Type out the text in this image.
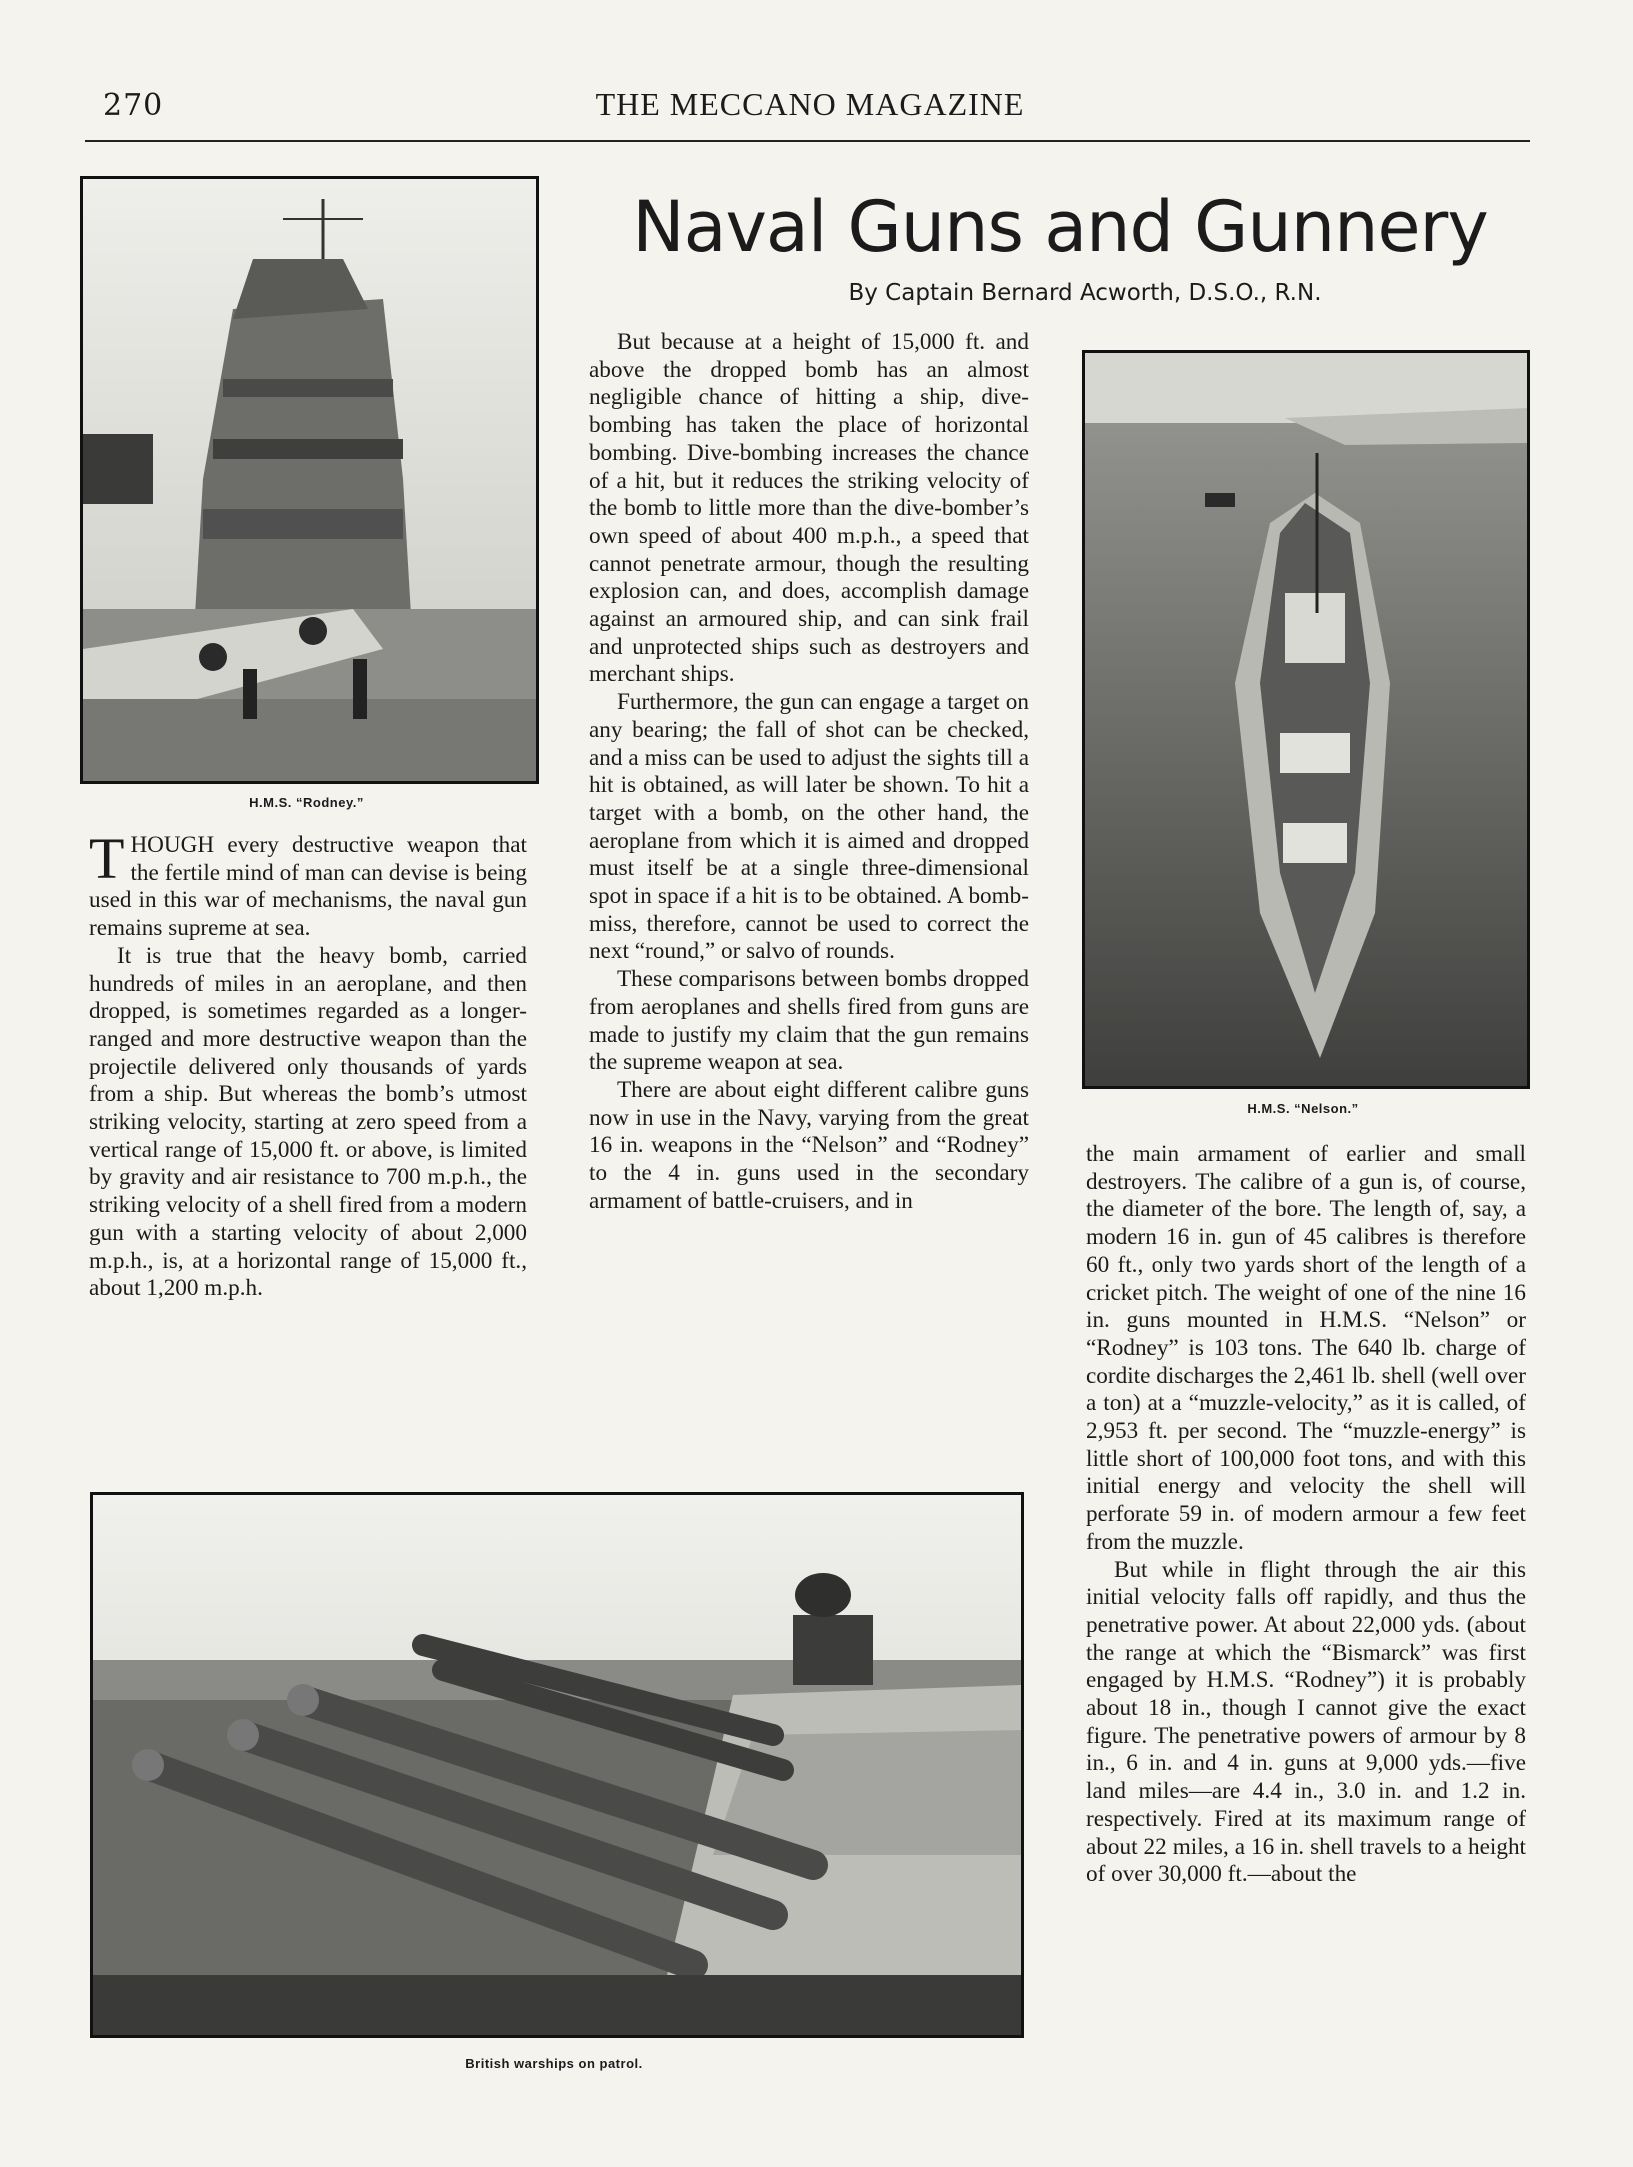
270	THE MECCANO MAGAZINE
Naval Guns and Gunnery
By Captain Bernard Acworth, D.S.O., R.N.
H.M.S. “Rodney.”

THOUGH every destructive weapon that the fertile mind of man can devise is being used in this war of mechanisms, the naval gun remains supreme at sea.

It is true that the heavy bomb, carried hundreds of miles in an aeroplane, and then dropped, is sometimes regarded as a longer-ranged and more destructive weapon than the projectile delivered only thousands of yards from a ship. But whereas the bomb’s utmost striking velocity, starting at zero speed from a vertical range of 15,000 ft. or above, is limited by gravity and air resistance to 700 m.p.h., the striking velocity of a shell fired from a modern gun with a starting velocity of about 2,000 m.p.h., is, at a horizontal range of 15,000 ft., about 1,200 m.p.h.

But because at a height of 15,000 ft. and above the dropped bomb has an almost negligible chance of hitting a ship, dive-bombing has taken the place of horizontal bombing. Dive-bombing increases the chance of a hit, but it reduces the striking velocity of the bomb to little more than the dive-bomber’s own speed of about 400 m.p.h., a speed that cannot penetrate armour, though the resulting explosion can, and does, accomplish damage against an armoured ship, and can sink frail and unprotected ships such as destroyers and merchant ships.

Furthermore, the gun can engage a target on any bearing; the fall of shot can be checked, and a miss can be used to adjust the sights till a hit is obtained, as will later be shown. To hit a target with a bomb, on the other hand, the aeroplane from which it is aimed and dropped must itself be at a single three-dimensional spot in space if a hit is to be obtained. A bomb-miss, therefore, cannot be used to correct the next “round,” or salvo of rounds.

These comparisons between bombs dropped from aeroplanes and shells fired from guns are made to justify my claim that the gun remains the supreme weapon at sea.

There are about eight different calibre guns now in use in the Navy, varying from the great 16 in. weapons in the “Nelson” and “Rodney” to the 4 in. guns used in the secondary armament of battle-cruisers, and in

H.M.S. “Nelson.”

the main armament of earlier and small destroyers. The calibre of a gun is, of course, the diameter of the bore. The length of, say, a modern 16 in. gun of 45 calibres is therefore 60 ft., only two yards short of the length of a cricket pitch. The weight of one of the nine 16 in. guns mounted in H.M.S. “Nelson” or “Rodney” is 103 tons. The 640 lb. charge of cordite discharges the 2,461 lb. shell (well over a ton) at a “muzzle-velocity,” as it is called, of 2,953 ft. per second. The “muzzle-energy” is little short of 100,000 foot tons, and with this initial energy and velocity the shell will perforate 59 in. of modern armour a few feet from the muzzle.

But while in flight through the air this initial velocity falls off rapidly, and thus the penetrative power. At about 22,000 yds. (about the range at which the “Bismarck” was first engaged by H.M.S. “Rodney”) it is probably about 18 in., though I cannot give the exact figure. The penetrative powers of armour by 8 in., 6 in. and 4 in. guns at 9,000 yds.—five land miles—are 4.4 in., 3.0 in. and 1.2 in. respectively. Fired at its maximum range of about 22 miles, a 16 in. shell travels to a height of over 30,000 ft.—about the

British warships on patrol.
